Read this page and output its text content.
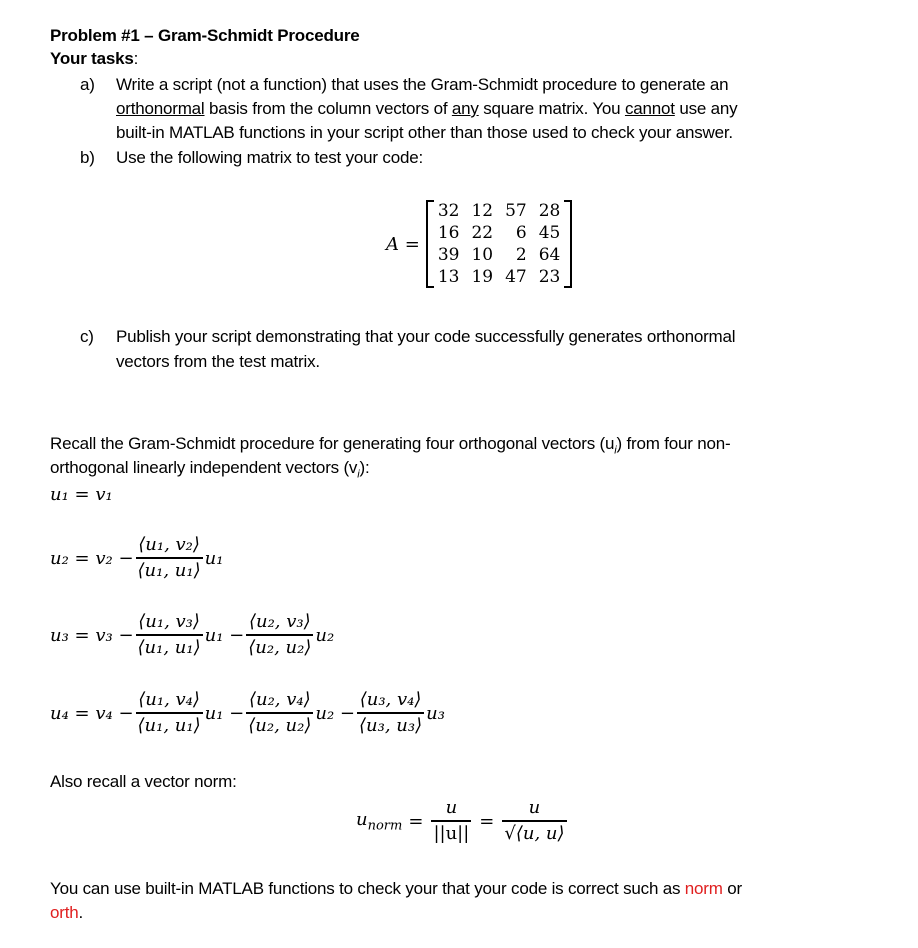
Problem #1 – Gram-Schmidt Procedure
Your tasks:
a) Write a script (not a function) that uses the Gram-Schmidt procedure to generate an
orthonormal basis from the column vectors of any square matrix. You cannot use any
built-in MATLAB functions in your script other than those used to check your answer.
b) Use the following matrix to test your code:
A =
32	12	57	28
16	22	6	45
39	10	2	64
13	19	47	23
c) Publish your script demonstrating that your code successfully generates orthonormal
vectors from the test matrix.
Recall the Gram-Schmidt procedure for generating four orthogonal vectors $(u_i)$ from four non-
orthogonal linearly independent vectors $(v_i)$:
u₁ = v₁
$u_2 = v_2 - \frac{\text{⟨u₁, v₂⟩}}{\text{⟨u₁, u₁⟩}} u_1$
$u_3 = v_3 - \frac{\text{⟨u₁, v₃⟩}}{\text{⟨u₁, u₁⟩}} u_1 - \frac{\text{⟨u₂, v₃⟩}}{\text{⟨u₂, u₂⟩}} u_2$
$u_4 = v_4 - \frac{\text{⟨u₁, v₄⟩}}{\text{⟨u₁, u₁⟩}} u_1 - \frac{\text{⟨u₂, v₄⟩}}{\text{⟨u₂, u₂⟩}} u_2 - \frac{\text{⟨u₃, v₄⟩}}{\text{⟨u₃, u₃⟩}} u_3$
Also recall a vector norm:
$u_{norm} = \frac{u}{||u||} = \frac{u}{√⟨u, u⟩}$
You can use built-in MATLAB functions to check your that your code is correct such as norm or
orth.
